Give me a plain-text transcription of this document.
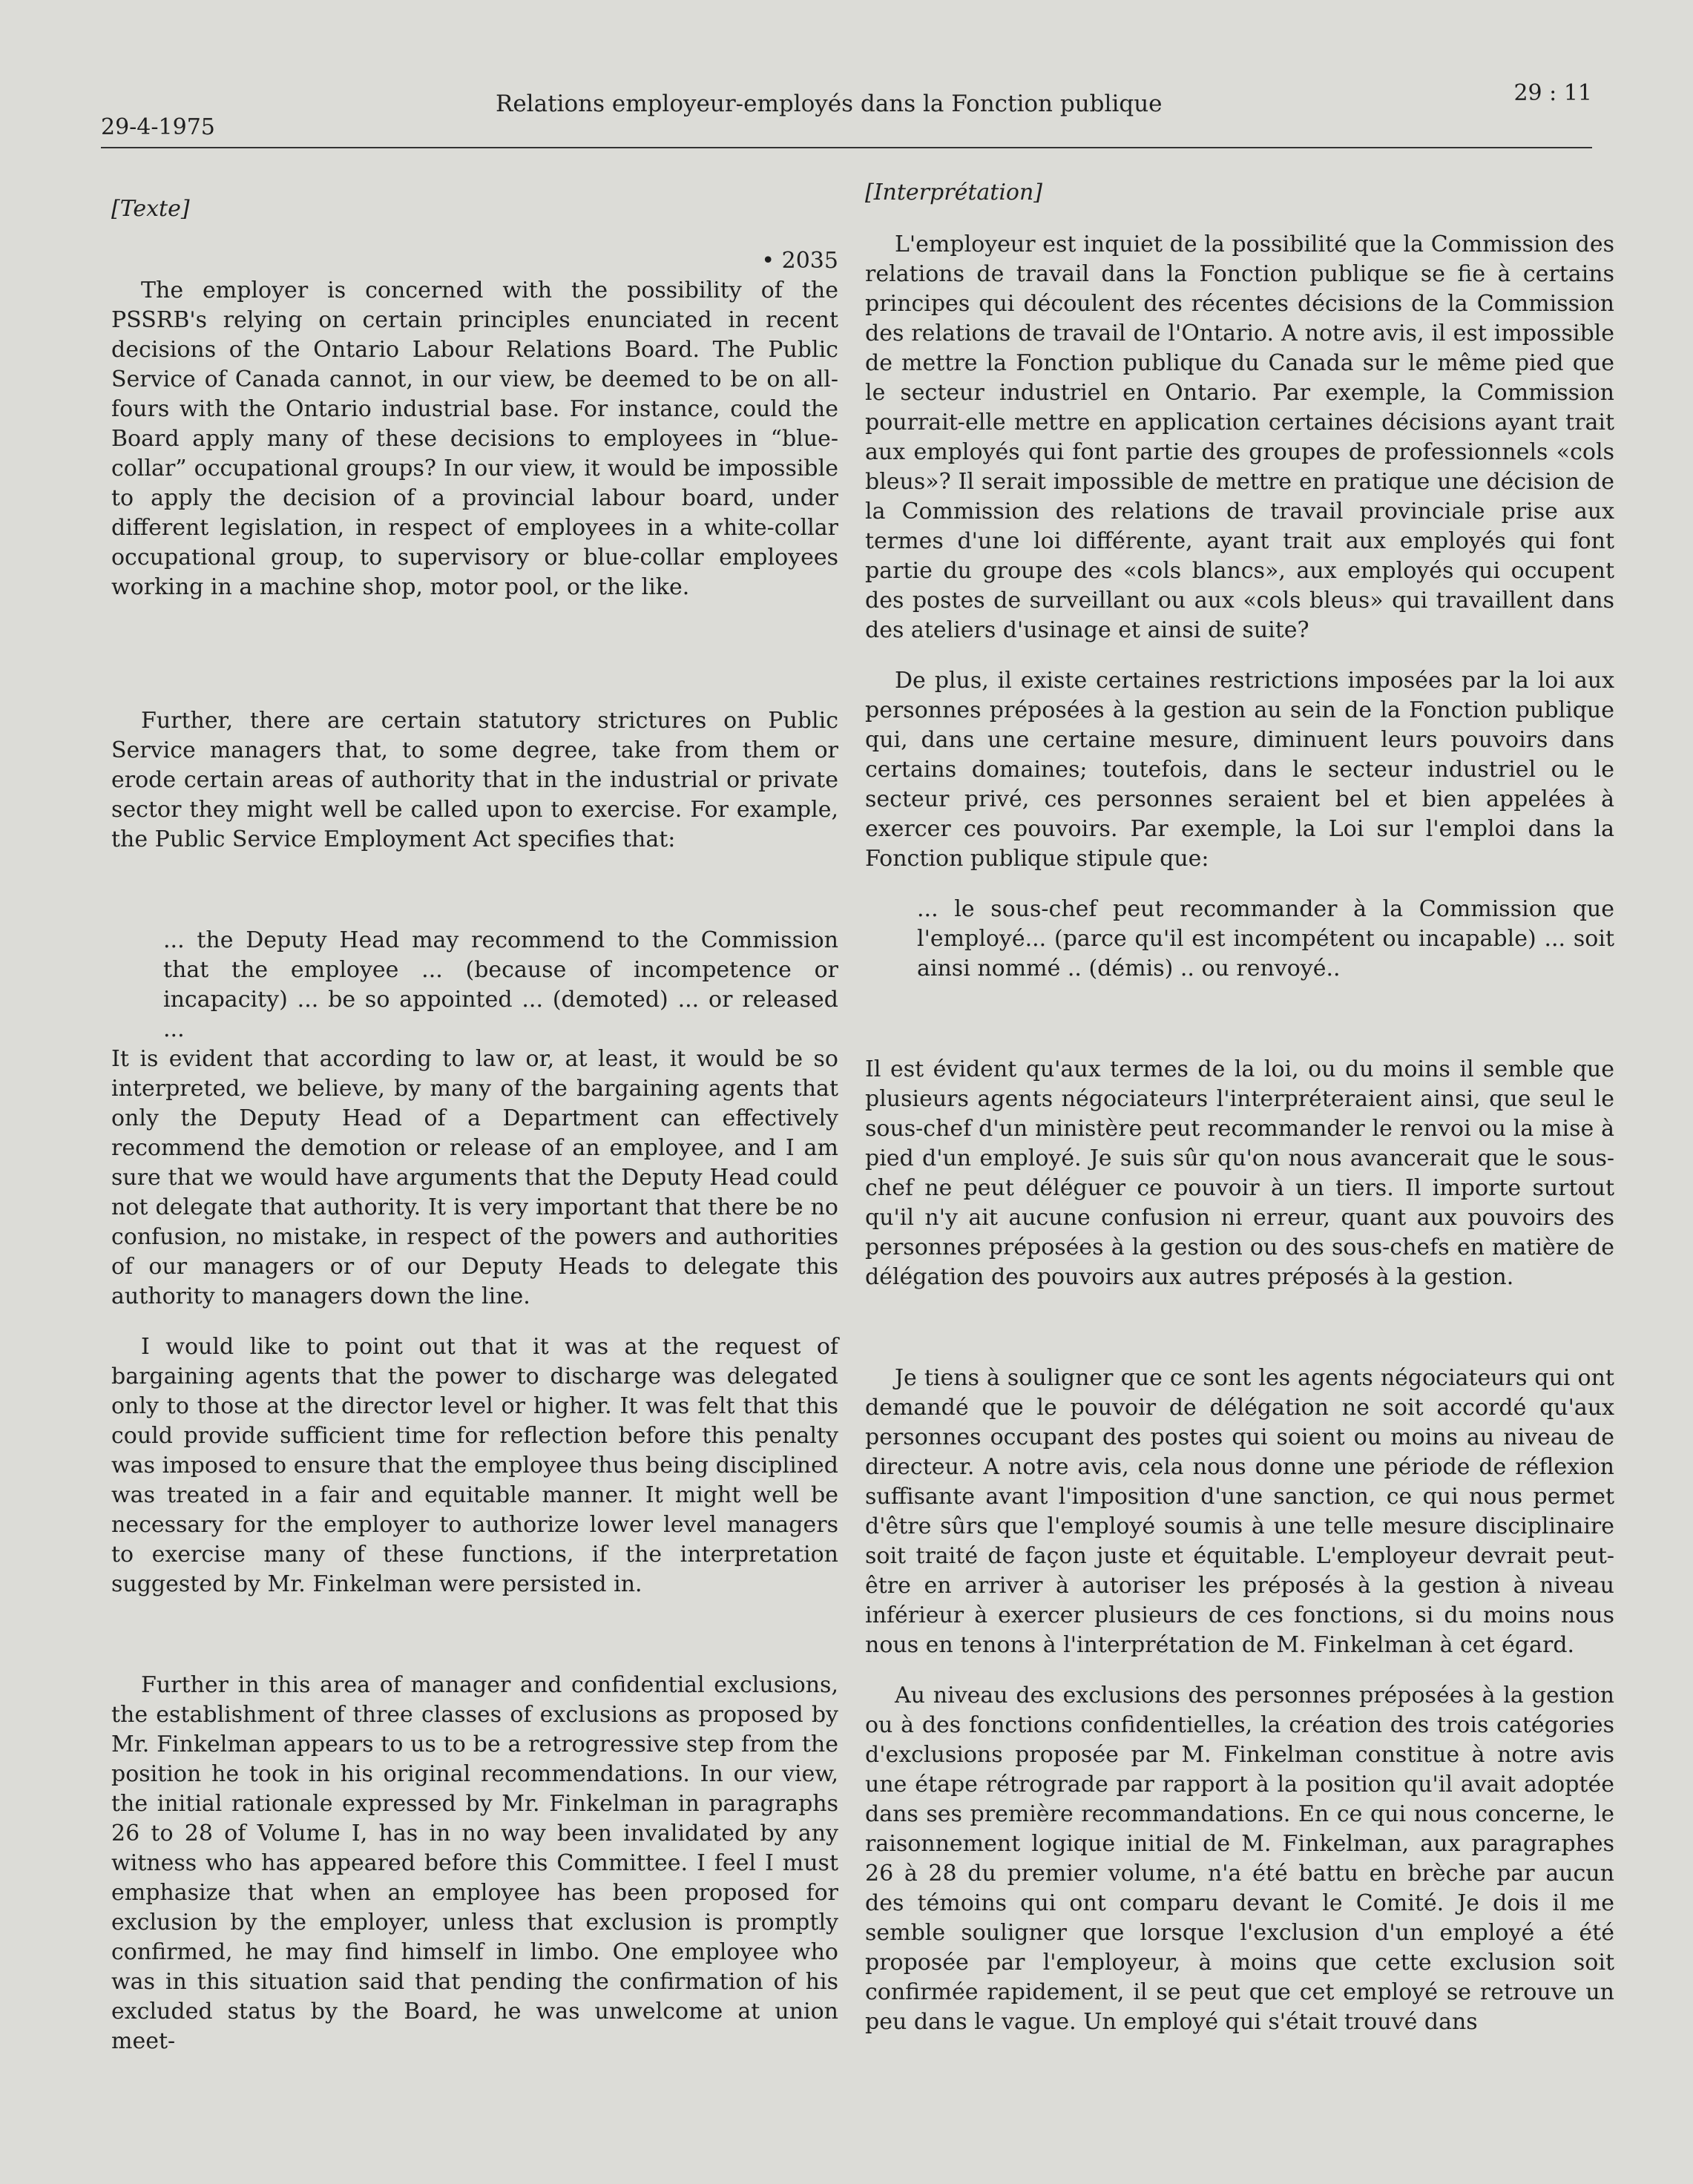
29-4-1975
Relations employeur-employés dans la Fonction publique	29 : 11
[Texte]
• 2035

The employer is concerned with the possibility of the PSSRB's relying on certain principles enunciated in recent decisions of the Ontario Labour Relations Board. The Public Service of Canada cannot, in our view, be deemed to be on all-fours with the Ontario industrial base. For instance, could the Board apply many of these decisions to employees in “blue-collar” occupational groups? In our view, it would be impossible to apply the decision of a provincial labour board, under different legislation, in respect of employees in a white-collar occupational group, to supervisory or blue-collar employees working in a machine shop, motor pool, or the like.

Further, there are certain statutory strictures on Public Service managers that, to some degree, take from them or erode certain areas of authority that in the industrial or private sector they might well be called upon to exercise. For example, the Public Service Employment Act specifies that:

... the Deputy Head may recommend to the Commission that the employee ... (because of incompetence or incapacity) ... be so appointed ... (demoted) ... or released ...

It is evident that according to law or, at least, it would be so interpreted, we believe, by many of the bargaining agents that only the Deputy Head of a Department can effectively recommend the demotion or release of an employee, and I am sure that we would have arguments that the Deputy Head could not delegate that authority. It is very important that there be no confusion, no mistake, in respect of the powers and authorities of our managers or of our Deputy Heads to delegate this authority to managers down the line.

I would like to point out that it was at the request of bargaining agents that the power to discharge was delegated only to those at the director level or higher. It was felt that this could provide sufficient time for reflection before this penalty was imposed to ensure that the employee thus being disciplined was treated in a fair and equitable manner. It might well be necessary for the employer to authorize lower level managers to exercise many of these functions, if the interpretation suggested by Mr. Finkelman were persisted in.

Further in this area of manager and confidential exclusions, the establishment of three classes of exclusions as proposed by Mr. Finkelman appears to us to be a retrogressive step from the position he took in his original recommendations. In our view, the initial rationale expressed by Mr. Finkelman in paragraphs 26 to 28 of Volume I, has in no way been invalidated by any witness who has appeared before this Committee. I feel I must emphasize that when an employee has been proposed for exclusion by the employer, unless that exclusion is promptly confirmed, he may find himself in limbo. One employee who was in this situation said that pending the confirmation of his excluded status by the Board, he was unwelcome at union meet-

[Interprétation]

L'employeur est inquiet de la possibilité que la Commission des relations de travail dans la Fonction publique se fie à certains principes qui découlent des récentes décisions de la Commission des relations de travail de l'Ontario. A notre avis, il est impossible de mettre la Fonction publique du Canada sur le même pied que le secteur industriel en Ontario. Par exemple, la Commission pourrait-elle mettre en application certaines décisions ayant trait aux employés qui font partie des groupes de professionnels «cols bleus»? Il serait impossible de mettre en pratique une décision de la Commission des relations de travail provinciale prise aux termes d'une loi différente, ayant trait aux employés qui font partie du groupe des «cols blancs», aux employés qui occupent des postes de surveillant ou aux «cols bleus» qui travaillent dans des ateliers d'usinage et ainsi de suite?

De plus, il existe certaines restrictions imposées par la loi aux personnes préposées à la gestion au sein de la Fonction publique qui, dans une certaine mesure, diminuent leurs pouvoirs dans certains domaines; toutefois, dans le secteur industriel ou le secteur privé, ces personnes seraient bel et bien appelées à exercer ces pouvoirs. Par exemple, la Loi sur l'emploi dans la Fonction publique stipule que:

... le sous-chef peut recommander à la Commission que l'employé... (parce qu'il est incompétent ou incapable) ... soit ainsi nommé .. (démis) .. ou renvoyé..

Il est évident qu'aux termes de la loi, ou du moins il semble que plusieurs agents négociateurs l'interpréteraient ainsi, que seul le sous-chef d'un ministère peut recommander le renvoi ou la mise à pied d'un employé. Je suis sûr qu'on nous avancerait que le sous-chef ne peut déléguer ce pouvoir à un tiers. Il importe surtout qu'il n'y ait aucune confusion ni erreur, quant aux pouvoirs des personnes préposées à la gestion ou des sous-chefs en matière de délégation des pouvoirs aux autres préposés à la gestion.

Je tiens à souligner que ce sont les agents négociateurs qui ont demandé que le pouvoir de délégation ne soit accordé qu'aux personnes occupant des postes qui soient ou moins au niveau de directeur. A notre avis, cela nous donne une période de réflexion suffisante avant l'imposition d'une sanction, ce qui nous permet d'être sûrs que l'employé soumis à une telle mesure disciplinaire soit traité de façon juste et équitable. L'employeur devrait peut-être en arriver à autoriser les préposés à la gestion à niveau inférieur à exercer plusieurs de ces fonctions, si du moins nous nous en tenons à l'interprétation de M. Finkelman à cet égard.

Au niveau des exclusions des personnes préposées à la gestion ou à des fonctions confidentielles, la création des trois catégories d'exclusions proposée par M. Finkelman constitue à notre avis une étape rétrograde par rapport à la position qu'il avait adoptée dans ses première recommandations. En ce qui nous concerne, le raisonnement logique initial de M. Finkelman, aux paragraphes 26 à 28 du premier volume, n'a été battu en brèche par aucun des témoins qui ont comparu devant le Comité. Je dois il me semble souligner que lorsque l'exclusion d'un employé a été proposée par l'employeur, à moins que cette exclusion soit confirmée rapidement, il se peut que cet employé se retrouve un peu dans le vague. Un employé qui s'était trouvé dans
